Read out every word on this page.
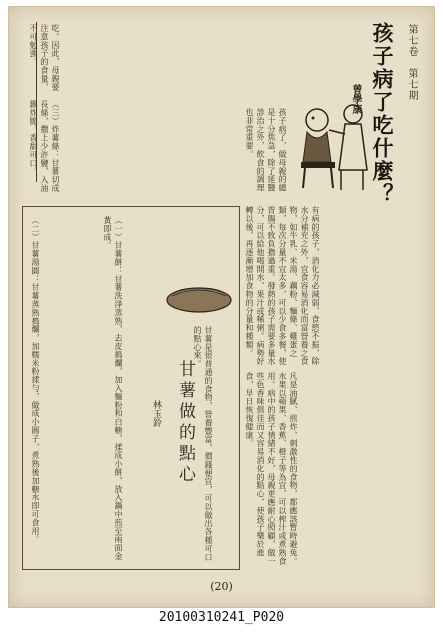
第七卷　第七期
孩子病了吃什麼？
曾學康

孩子病了，做母親的總是十分焦急，除了延醫診治之外，飲食的調理也非常重要。

有病的孩子，消化力必減弱，食慾不振，除水分補充之外，宜食容易消化而富營養之食物，如牛乳、米湯、藕粉、麵條、雞蛋之類，每次分量不宜太多，可以少食多餐，使胃腸不致負擔過重。發熱的孩子需要多量水分，可以給他喝開水、果汁或稀粥。病勢好轉以後，再逐漸增加食物的分量和種類。

凡是油膩、煎炸、刺激性的食物，都應該暫時避免。水果以蘋果、香蕉、橙子等為宜，可以榨汁或煮熟食用。病中的孩子情緒不好，母親更應耐心照顧，做一些色香味俱佳而又容易消化的點心，使孩子樂於進食，早日恢復健康。

吃。因此，母親要注意孩子的食量，不可勉強。

甘薯做的點心
林玉鈴	甘薯是很普通的食物，營養豐富，價錢便宜，可以做出各種可口的點心來。

（一）甘薯餅：甘薯洗淨蒸熟，去皮搗爛，加入麵粉和白糖，揉成小餅，放入鍋中煎至兩面金黃即成。

（二）甘薯湯圓：甘薯蒸熟搗爛，加糯米粉揉勻，做成小圓子，煮熟後加糖水即可食用。

（三）炸薯條：甘薯切成長條，撒上少許鹽，入油鍋炸脆，香甜可口。

(20)
20100310241_P020
